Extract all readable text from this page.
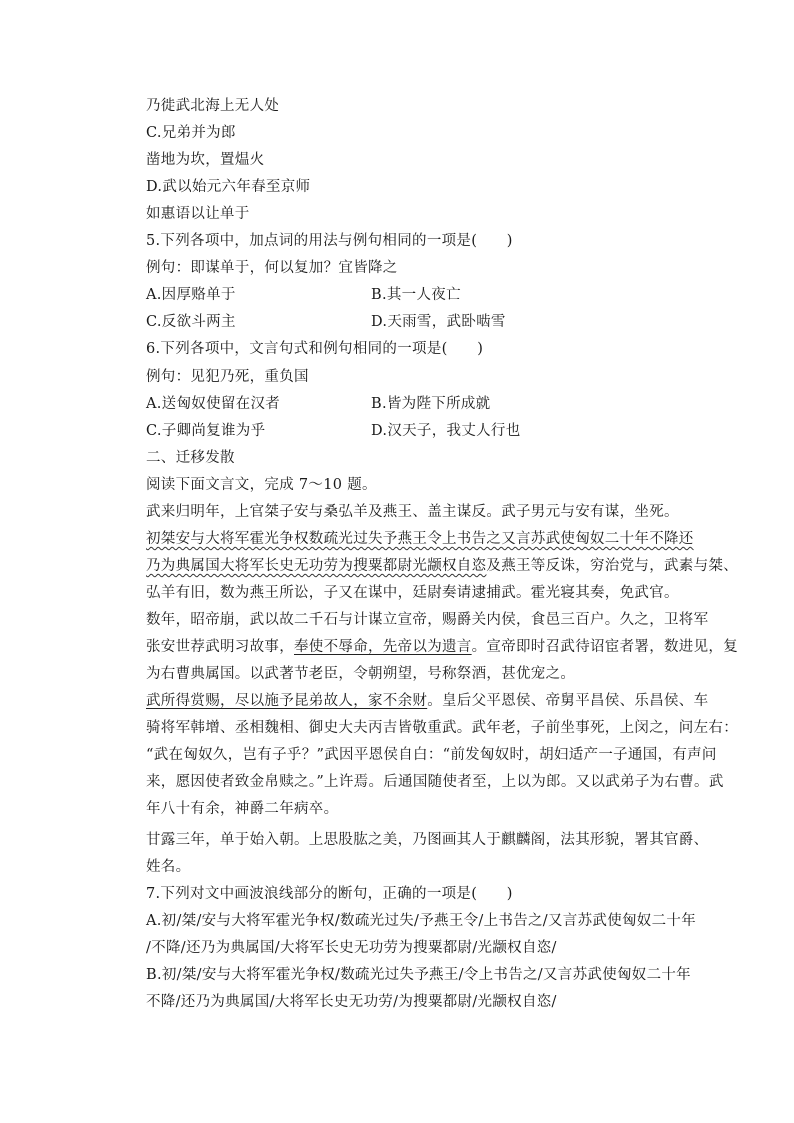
乃徙武北海上无人处
C.兄弟并为郎
凿地为坎，置煴火
D.武以始元六年春至京师
如惠语以让单于
5.下列各项中，加点词的用法与例句相同的一项是(　　)
例句：即谋单于，何以复加？宜皆降之
A.因厚赂单于	B.其一人夜亡
C.反欲斗两主	D.天雨雪，武卧啮雪
6.下列各项中，文言句式和例句相同的一项是(　　)
例句：见犯乃死，重负国
A.送匈奴使留在汉者	B.皆为陛下所成就
C.子卿尚复谁为乎	D.汉天子，我丈人行也
二、迁移发散
阅读下面文言文，完成 7～10 题。
武来归明年，上官桀子安与桑弘羊及燕王、盖主谋反。武子男元与安有谋，坐死。
初桀安与大将军霍光争权数疏光过失予燕王令上书告之又言苏武使匈奴二十年不降还
乃为典属国大将军长史无功劳为搜粟都尉光颛权自恣及燕王等反诛，穷治党与，武素与桀、
弘羊有旧，数为燕王所讼，子又在谋中，廷尉奏请逮捕武。霍光寝其奏，免武官。
数年，昭帝崩，武以故二千石与计谋立宣帝，赐爵关内侯，食邑三百户。久之，卫将军
张安世荐武明习故事，奉使不辱命，先帝以为遗言。宣帝即时召武待诏宦者署，数进见，复
为右曹典属国。以武著节老臣，令朝朔望，号称祭酒，甚优宠之。
武所得赏赐，尽以施予昆弟故人，家不余财。皇后父平恩侯、帝舅平昌侯、乐昌侯、车
骑将军韩增、丞相魏相、御史大夫丙吉皆敬重武。武年老，子前坐事死，上闵之，问左右：
“武在匈奴久，岂有子乎？”武因平恩侯自白：“前发匈奴时，胡妇适产一子通国，有声问
来，愿因使者致金帛赎之。”上许焉。后通国随使者至，上以为郎。又以武弟子为右曹。武
年八十有余，神爵二年病卒。
甘露三年，单于始入朝。上思股肱之美，乃图画其人于麒麟阁，法其形貌，署其官爵、
姓名。
7.下列对文中画波浪线部分的断句，正确的一项是(　　)
A.初/桀/安与大将军霍光争权/数疏光过失/予燕王令/上书告之/又言苏武使匈奴二十年
/不降/还乃为典属国/大将军长史无功劳为搜粟都尉/光颛权自恣/
B.初/桀/安与大将军霍光争权/数疏光过失予燕王/令上书告之/又言苏武使匈奴二十年
不降/还乃为典属国/大将军长史无功劳/为搜粟都尉/光颛权自恣/
